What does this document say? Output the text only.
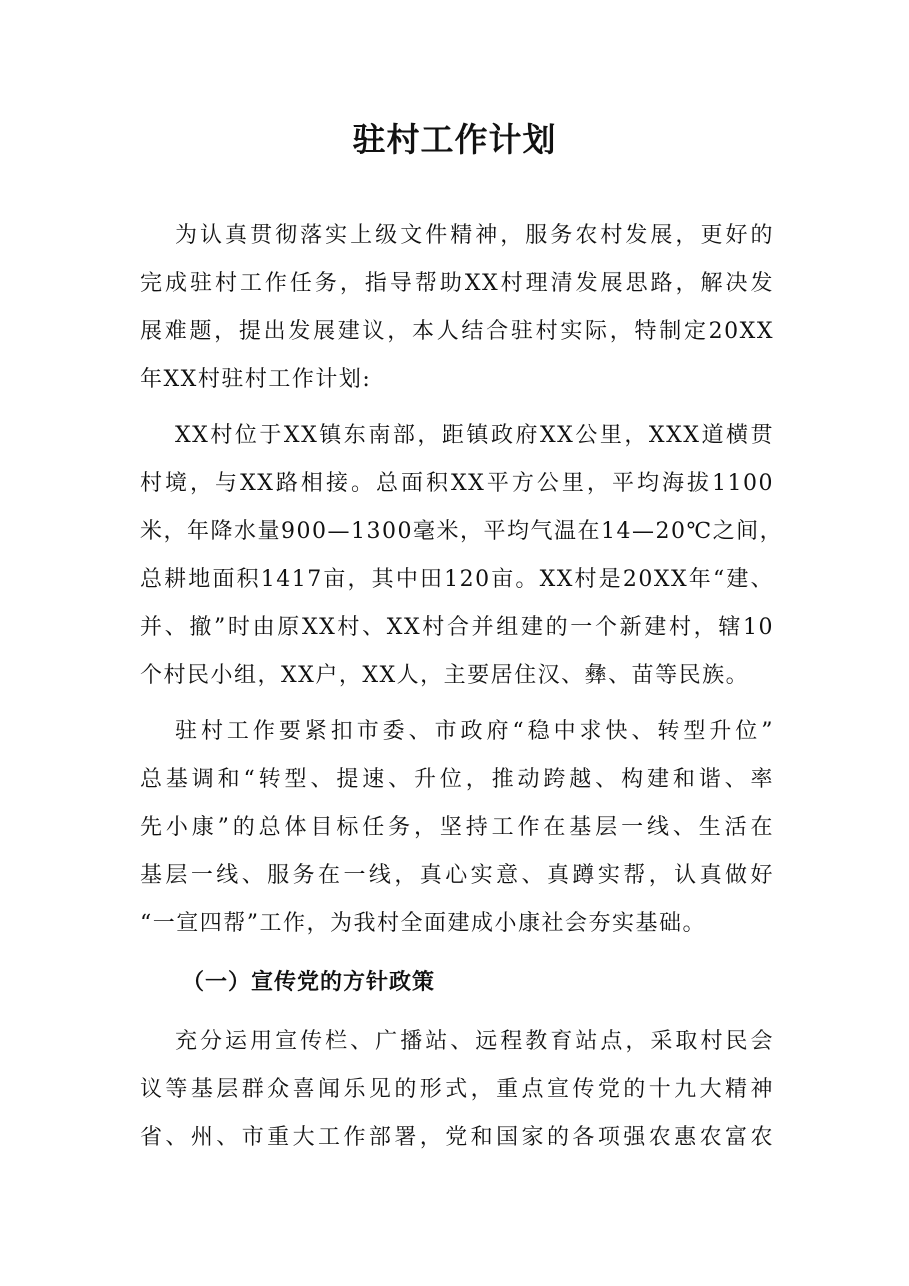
驻村工作计划

为认真贯彻落实上级文件精神，服务农村发展，更好的

完成驻村工作任务，指导帮助XX村理清发展思路，解决发

展难题，提出发展建议，本人结合驻村实际，特制定20XX

年XX村驻村工作计划:

XX村位于XX镇东南部，距镇政府XX公里，XXX道横贯

村境，与XX路相接。总面积XX平方公里，平均海拔1100

米，年降水量900—1300毫米，平均气温在14—20℃之间，

总耕地面积1417亩，其中田120亩。XX村是20XX年“建、

并、撤”时由原XX村、XX村合并组建的一个新建村，辖10

个村民小组，XX户，XX人，主要居住汉、彝、苗等民族。

驻村工作要紧扣市委、市政府“稳中求快、转型升位”

总基调和“转型、提速、升位，推动跨越、构建和谐、率

先小康”的总体目标任务，坚持工作在基层一线、生活在

基层一线、服务在一线，真心实意、真蹲实帮，认真做好

“一宣四帮”工作，为我村全面建成小康社会夯实基础。

（一）宣传党的方针政策

充分运用宣传栏、广播站、远程教育站点，采取村民会

议等基层群众喜闻乐见的形式，重点宣传党的十九大精神

省、州、市重大工作部署，党和国家的各项强农惠农富农
